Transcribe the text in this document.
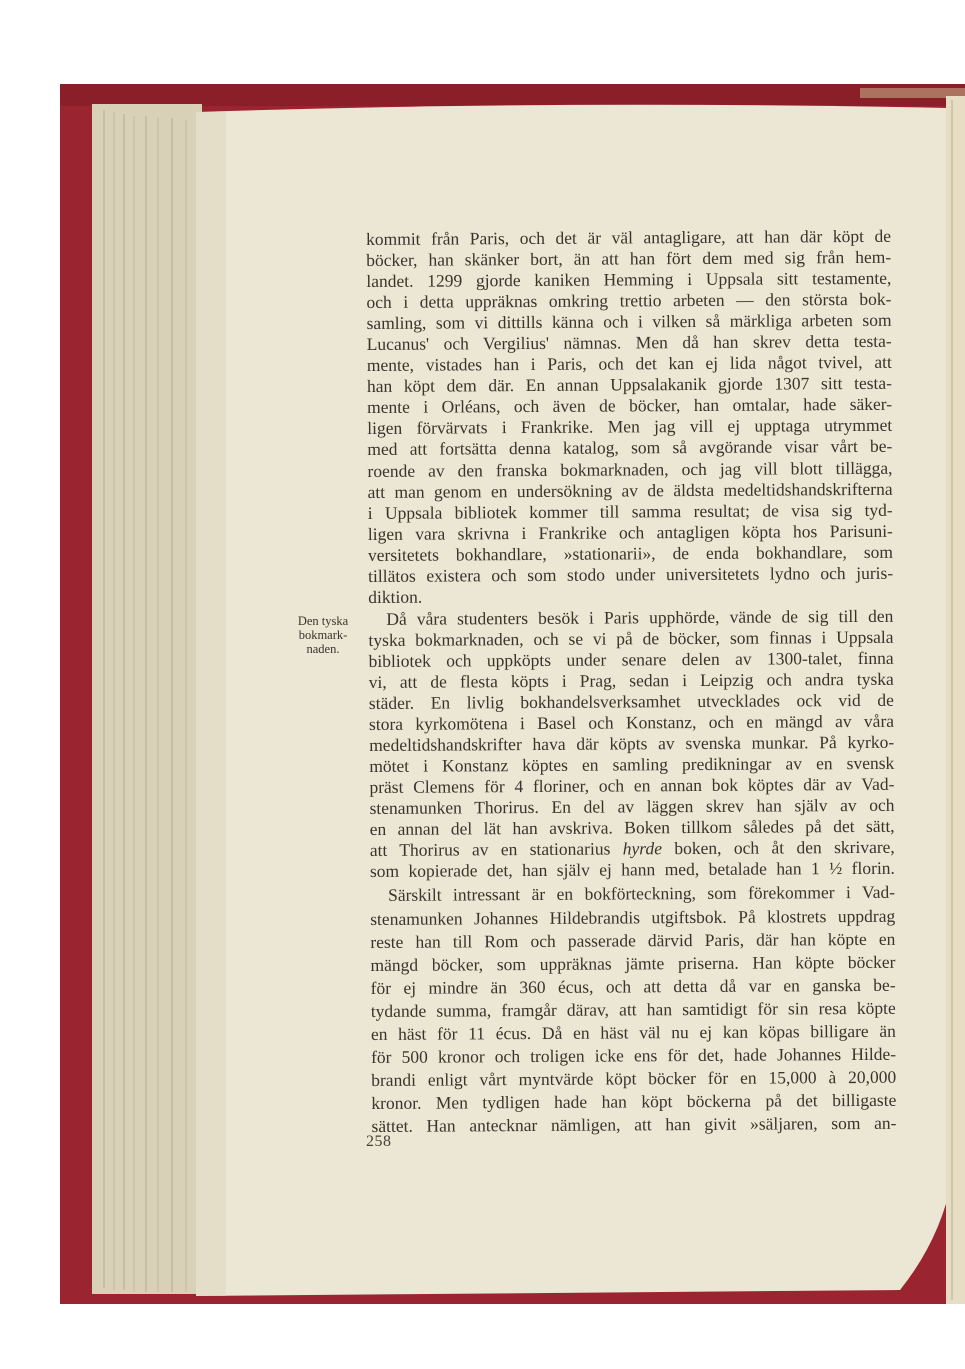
kommit från Paris, och det är väl antagligare, att han där köpt de
böcker, han skänker bort, än att han fört dem med sig från hem-
landet. 1299 gjorde kaniken Hemming i Uppsala sitt testamente,
och i detta uppräknas omkring trettio arbeten — den största bok-
samling, som vi dittills känna och i vilken så märkliga arbeten som
Lucanus' och Vergilius' nämnas. Men då han skrev detta testa-
mente, vistades han i Paris, och det kan ej lida något tvivel, att
han köpt dem där. En annan Uppsalakanik gjorde 1307 sitt testa-
mente i Orléans, och även de böcker, han omtalar, hade säker-
ligen förvärvats i Frankrike. Men jag vill ej upptaga utrymmet
med att fortsätta denna katalog, som så avgörande visar vårt be-
roende av den franska bokmarknaden, och jag vill blott tillägga,
att man genom en undersökning av de äldsta medeltidshandskrifterna
i Uppsala bibliotek kommer till samma resultat; de visa sig tyd-
ligen vara skrivna i Frankrike och antagligen köpta hos Parisuni-
versitetets bokhandlare, »stationarii», de enda bokhandlare, som
tillätos existera och som stodo under universitetets lydno och juris-
diktion.
Då våra studenters besök i Paris upphörde, vände de sig till den
tyska bokmarknaden, och se vi på de böcker, som finnas i Uppsala
bibliotek och uppköpts under senare delen av 1300-talet, finna
vi, att de flesta köpts i Prag, sedan i Leipzig och andra tyska
städer. En livlig bokhandelsverksamhet utvecklades ock vid de
stora kyrkomötena i Basel och Konstanz, och en mängd av våra
medeltidshandskrifter hava där köpts av svenska munkar. På kyrko-
mötet i Konstanz köptes en samling predikningar av en svensk
präst Clemens för 4 floriner, och en annan bok köptes där av Vad-
stenamunken Thorirus. En del av läggen skrev han själv av och
en annan del lät han avskriva. Boken tillkom således på det sätt,
att Thorirus av en stationarius hyrde boken, och åt den skrivare,
som kopierade det, han själv ej hann med, betalade han 1 ½ florin.
Särskilt intressant är en bokförteckning, som förekommer i Vad-
stenamunken Johannes Hildebrandis utgiftsbok. På klostrets uppdrag
reste han till Rom och passerade därvid Paris, där han köpte en
mängd böcker, som uppräknas jämte priserna. Han köpte böcker
för ej mindre än 360 écus, och att detta då var en ganska be-
tydande summa, framgår därav, att han samtidigt för sin resa köpte
en häst för 11 écus. Då en häst väl nu ej kan köpas billigare än
för 500 kronor och troligen icke ens för det, hade Johannes Hilde-
brandi enligt vårt myntvärde köpt böcker för en 15,000 à 20,000
kronor. Men tydligen hade han köpt böckerna på det billigaste
sättet. Han antecknar nämligen, att han givit »säljaren, som an-
Den tyska
bokmark-
naden.
258
